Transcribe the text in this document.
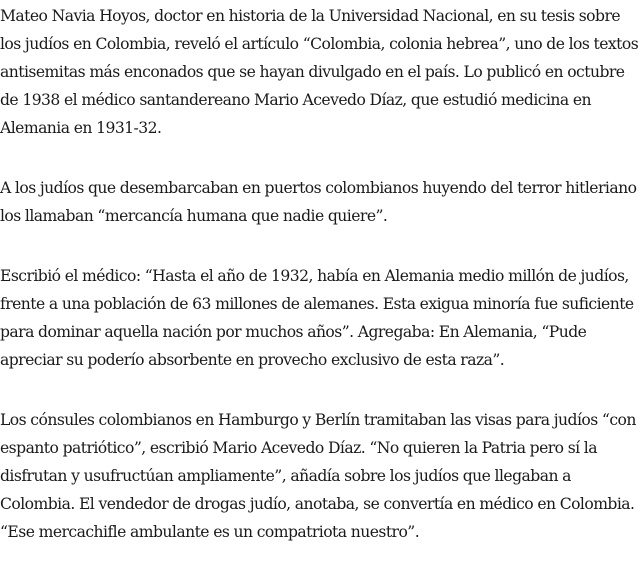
Mateo Navia Hoyos, doctor en historia de la Universidad Nacional, en su tesis sobre los judíos en Colombia, reveló el artículo “Colombia, colonia hebrea”, uno de los textos antisemitas más enconados que se hayan divulgado en el país. Lo publicó en octubre de 1938 el médico santandereano Mario Acevedo Díaz, que estudió medicina en Alemania en 1931-32.

A los judíos que desembarcaban en puertos colombianos huyendo del terror hitleriano los llamaban “mercancía humana que nadie quiere”.

Escribió el médico: “Hasta el año de 1932, había en Alemania medio millón de judíos, frente a una población de 63 millones de alemanes. Esta exigua minoría fue suficiente para dominar aquella nación por muchos años”. Agregaba: En Alemania, “Pude apreciar su poderío absorbente en provecho exclusivo de esta raza”.

Los cónsules colombianos en Hamburgo y Berlín tramitaban las visas para judíos “con espanto patriótico”, escribió Mario Acevedo Díaz. “No quieren la Patria pero sí la disfrutan y usufructúan ampliamente”, añadía sobre los judíos que llegaban a Colombia. El vendedor de drogas judío, anotaba, se convertía en médico en Colombia. “Ese mercachifle ambulante es un compatriota nuestro”.
